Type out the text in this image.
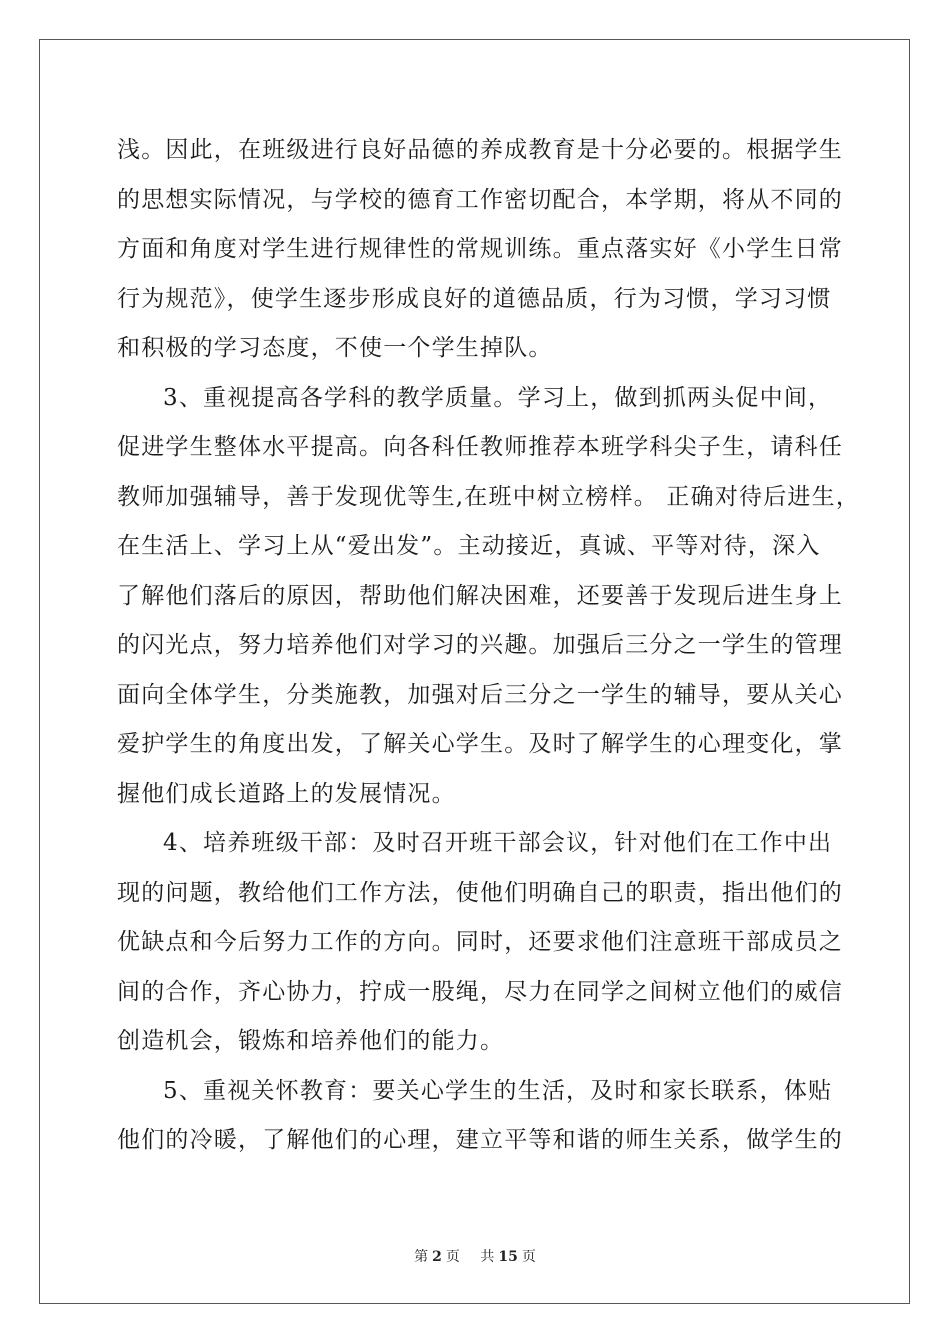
浅。因此，在班级进行良好品德的养成教育是十分必要的。根据学生
的思想实际情况，与学校的德育工作密切配合，本学期，将从不同的
方面和角度对学生进行规律性的常规训练。重点落实好《小学生日常
行为规范》，使学生逐步形成良好的道德品质，行为习惯，学习习惯
和积极的学习态度，不使一个学生掉队。
3、重视提高各学科的教学质量。学习上，做到抓两头促中间，
促进学生整体水平提高。向各科任教师推荐本班学科尖子生，请科任
教师加强辅导，善于发现优等生,在班中树立榜样。 正确对待后进生，
在生活上、学习上从“爱出发”。主动接近，真诚、平等对待，深入
了解他们落后的原因，帮助他们解决困难，还要善于发现后进生身上
的闪光点，努力培养他们对学习的兴趣。加强后三分之一学生的管理
面向全体学生，分类施教，加强对后三分之一学生的辅导，要从关心
爱护学生的角度出发，了解关心学生。及时了解学生的心理变化，掌
握他们成长道路上的发展情况。
4、培养班级干部：及时召开班干部会议，针对他们在工作中出
现的问题，教给他们工作方法，使他们明确自己的职责，指出他们的
优缺点和今后努力工作的方向。同时，还要求他们注意班干部成员之
间的合作，齐心协力，拧成一股绳，尽力在同学之间树立他们的威信
创造机会，锻炼和培养他们的能力。
5、重视关怀教育：要关心学生的生活，及时和家长联系，体贴
他们的冷暖，了解他们的心理，建立平等和谐的师生关系，做学生的
第 2 页 共 15 页
